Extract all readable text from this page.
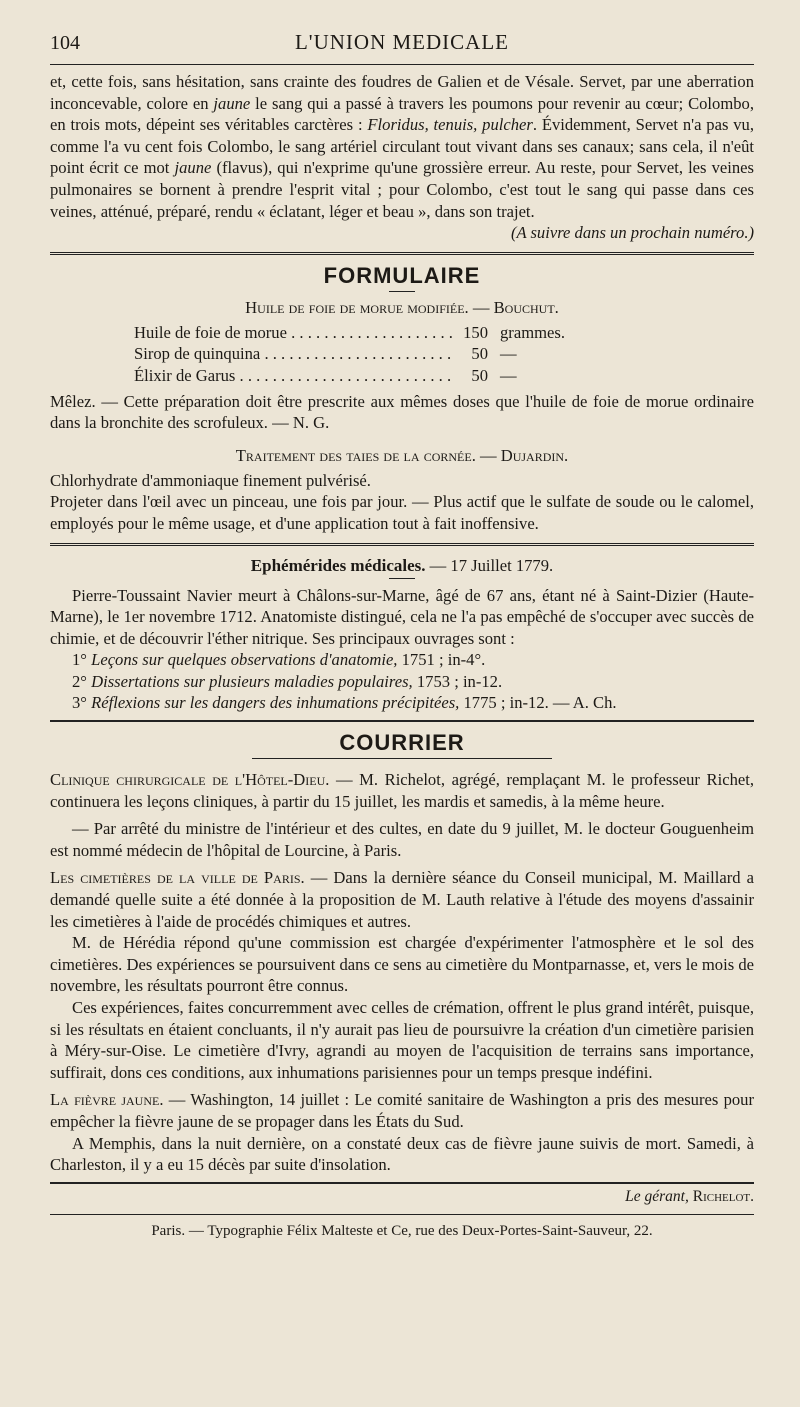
104	L'UNION MEDICALE

et, cette fois, sans hésitation, sans crainte des foudres de Galien et de Vésale. Servet, par une aberration inconcevable, colore en jaune le sang qui a passé à travers les poumons pour revenir au cœur; Colombo, en trois mots, dépeint ses véritables carctères : Floridus, tenuis, pulcher. Évidemment, Servet n'a pas vu, comme l'a vu cent fois Colombo, le sang artériel circulant tout vivant dans ses canaux; sans cela, il n'eût point écrit ce mot jaune (flavus), qui n'exprime qu'une grossière erreur. Au reste, pour Servet, les veines pulmonaires se bornent à prendre l'esprit vital ; pour Colombo, c'est tout le sang qui passe dans ces veines, atténué, préparé, rendu « éclatant, léger et beau », dans son trajet.

(A suivre dans un prochain numéro.)

FORMULAIRE
Huile de foie de morue modifiée. — Bouchut.
Huile de foie de morue . . .	150 grammes.
Sirop de quinquina . . .	50 —
Élixir de Garus . . .	50 —

Mêlez. — Cette préparation doit être prescrite aux mêmes doses que l'huile de foie de morue ordinaire dans la bronchite des scrofuleux. — N. G.

Traitement des taies de la cornée. — Dujardin.

Chlorhydrate d'ammoniaque finement pulvérisé.

Projeter dans l'œil avec un pinceau, une fois par jour. — Plus actif que le sulfate de soude ou le calomel, employés pour le même usage, et d'une application tout à fait inoffensive.

Ephémérides médicales. — 17 Juillet 1779.

Pierre-Toussaint Navier meurt à Châlons-sur-Marne, âgé de 67 ans, étant né à Saint-Dizier (Haute-Marne), le 1er novembre 1712. Anatomiste distingué, cela ne l'a pas empêché de s'occuper avec succès de chimie, et de découvrir l'éther nitrique. Ses principaux ouvrages sont :

1° Leçons sur quelques observations d'anatomie, 1751 ; in-4°.

2° Dissertations sur plusieurs maladies populaires, 1753 ; in-12.

3° Réflexions sur les dangers des inhumations précipitées, 1775 ; in-12. — A. Ch.

COURRIER

Clinique chirurgicale de l'Hôtel-Dieu. — M. Richelot, agrégé, remplaçant M. le professeur Richet, continuera les leçons cliniques, à partir du 15 juillet, les mardis et samedis, à la même heure.

— Par arrêté du ministre de l'intérieur et des cultes, en date du 9 juillet, M. le docteur Gouguenheim est nommé médecin de l'hôpital de Lourcine, à Paris.

Les cimetières de la ville de Paris. — Dans la dernière séance du Conseil municipal, M. Maillard a demandé quelle suite a été donnée à la proposition de M. Lauth relative à l'étude des moyens d'assainir les cimetières à l'aide de procédés chimiques et autres.

M. de Hérédia répond qu'une commission est chargée d'expérimenter l'atmosphère et le sol des cimetières. Des expériences se poursuivent dans ce sens au cimetière du Montparnasse, et, vers le mois de novembre, les résultats pourront être connus.

Ces expériences, faites concurremment avec celles de crémation, offrent le plus grand intérêt, puisque, si les résultats en étaient concluants, il n'y aurait pas lieu de poursuivre la création d'un cimetière parisien à Méry-sur-Oise. Le cimetière d'Ivry, agrandi au moyen de l'acquisition de terrains sans importance, suffirait, dons ces conditions, aux inhumations parisiennes pour un temps presque indéfini.

La fièvre jaune. — Washington, 14 juillet : Le comité sanitaire de Washington a pris des mesures pour empêcher la fièvre jaune de se propager dans les États du Sud.

A Memphis, dans la nuit dernière, on a constaté deux cas de fièvre jaune suivis de mort. Samedi, à Charleston, il y a eu 15 décès par suite d'insolation.

Le gérant, Richelot.
Paris. — Typographie Félix Malteste et Ce, rue des Deux-Portes-Saint-Sauveur, 22.
